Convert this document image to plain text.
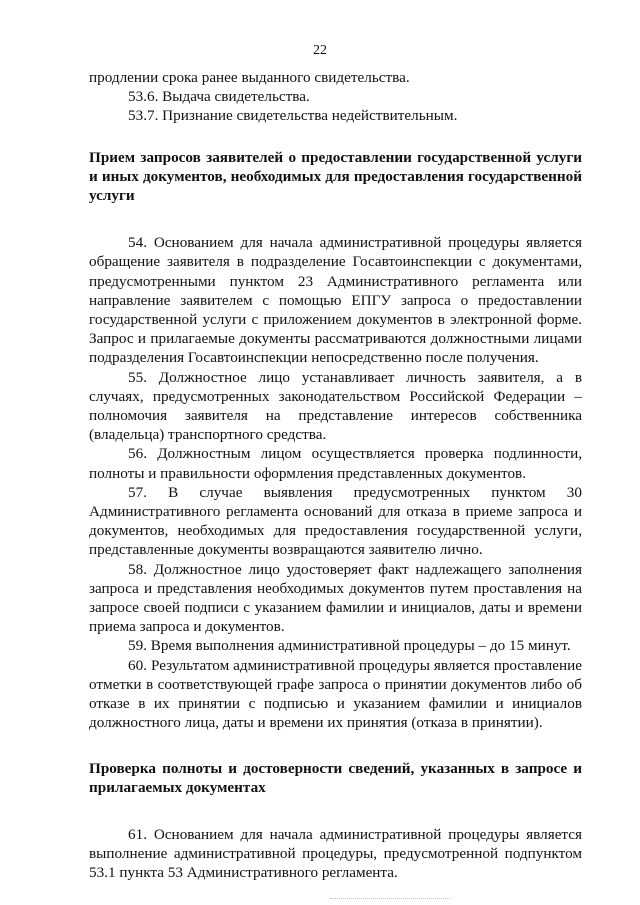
22

продлении срока ранее выданного свидетельства.

53.6. Выдача свидетельства.

53.7. Признание свидетельства недействительным.

Прием запросов заявителей о предоставлении государственной услуги и иных документов, необходимых для предоставления государственной услуги

54. Основанием для начала административной процедуры является обращение заявителя в подразделение Госавтоинспекции с документами, предусмотренными пунктом 23 Административного регламента или направление заявителем с помощью ЕПГУ запроса о предоставлении государственной услуги с приложением документов в электронной форме. Запрос и прилагаемые документы рассматриваются должностными лицами подразделения Госавтоинспекции непосредственно после получения.

55. Должностное лицо устанавливает личность заявителя, а в случаях, предусмотренных законодательством Российской Федерации – полномочия заявителя на представление интересов собственника (владельца) транспортного средства.

56. Должностным лицом осуществляется проверка подлинности, полноты и правильности оформления представленных документов.

57. В случае выявления предусмотренных пунктом 30 Административного регламента оснований для отказа в приеме запроса и документов, необходимых для предоставления государственной услуги, представленные документы возвращаются заявителю лично.

58. Должностное лицо удостоверяет факт надлежащего заполнения запроса и представления необходимых документов путем проставления на запросе своей подписи с указанием фамилии и инициалов, даты и времени приема запроса и документов.

59. Время выполнения административной процедуры – до 15 минут.

60. Результатом административной процедуры является проставление отметки в соответствующей графе запроса о принятии документов либо об отказе в их принятии с подписью и указанием фамилии и инициалов должностного лица, даты и времени их принятия (отказа в принятии).

Проверка полноты и достоверности сведений, указанных в запросе и прилагаемых документах

61. Основанием для начала административной процедуры является выполнение административной процедуры, предусмотренной подпунктом 53.1 пункта 53 Административного регламента.
